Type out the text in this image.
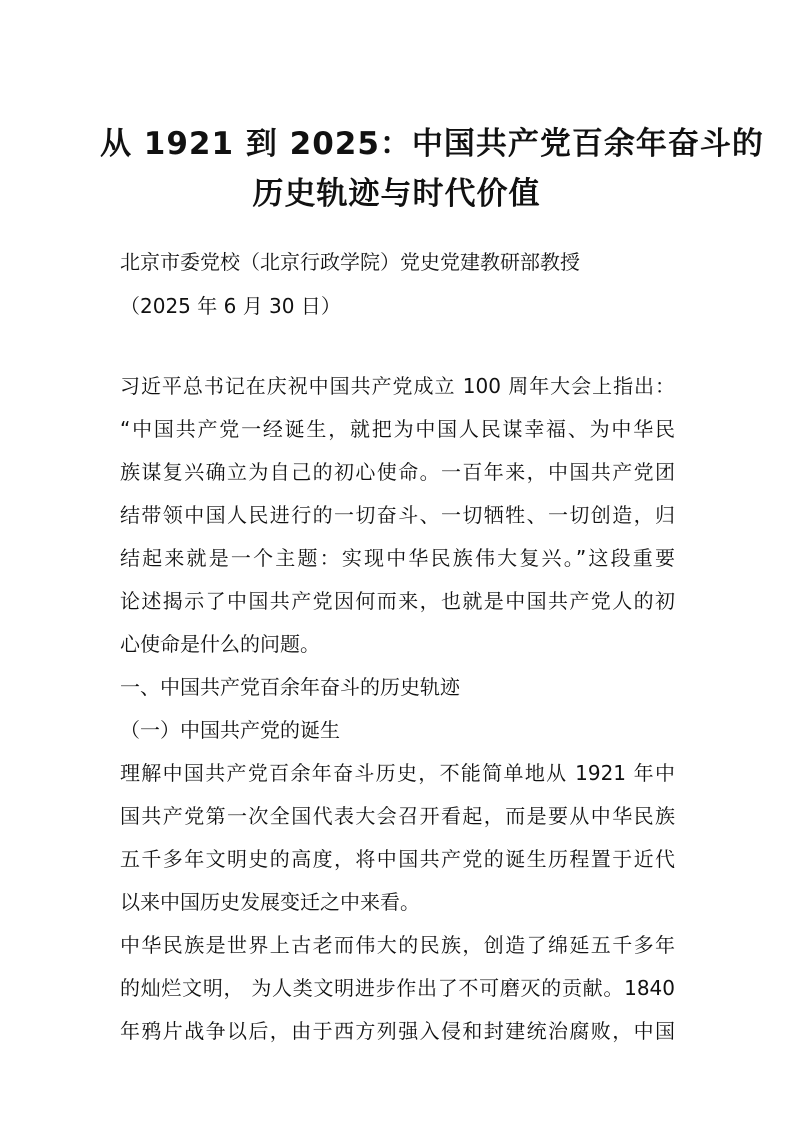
从 1921 到 2025：中国共产党百余年奋斗的
历史轨迹与时代价值
北京市委党校（北京行政学院）党史党建教研部教授
（2025 年 6 月 30 日）
习近平总书记在庆祝中国共产党成立 100 周年大会上指出：
“中国共产党一经诞生，就把为中国人民谋幸福、为中华民
族谋复兴确立为自己的初心使命。一百年来，中国共产党团
结带领中国人民进行的一切奋斗、一切牺牲、一切创造，归
结起来就是一个主题：实现中华民族伟大复兴。”这段重要
论述揭示了中国共产党因何而来，也就是中国共产党人的初
心使命是什么的问题。
一、中国共产党百余年奋斗的历史轨迹
（一）中国共产党的诞生
理解中国共产党百余年奋斗历史，不能简单地从 1921 年中
国共产党第一次全国代表大会召开看起，而是要从中华民族
五千多年文明史的高度，将中国共产党的诞生历程置于近代
以来中国历史发展变迁之中来看。
中华民族是世界上古老而伟大的民族，创造了绵延五千多年
的灿烂文明， 为人类文明进步作出了不可磨灭的贡献。1840
年鸦片战争以后，由于西方列强入侵和封建统治腐败，中国
